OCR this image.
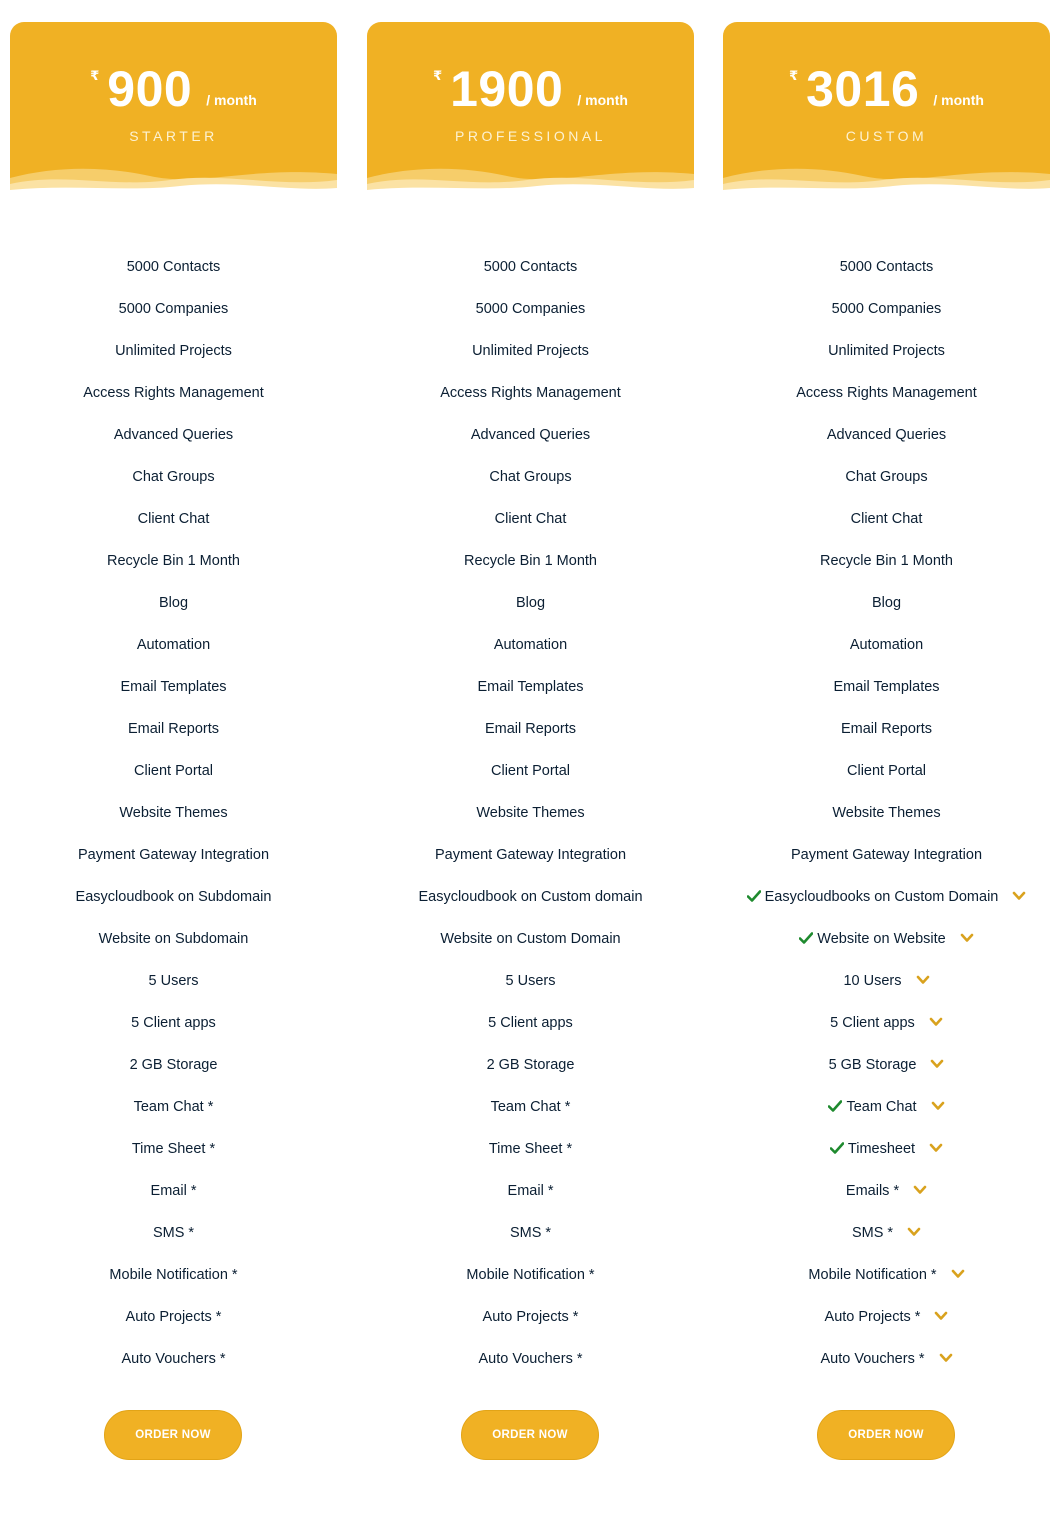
₹ 900 / month
STARTER
5000 Contacts
5000 Companies
Unlimited Projects
Access Rights Management
Advanced Queries
Chat Groups
Client Chat
Recycle Bin 1 Month
Blog
Automation
Email Templates
Email Reports
Client Portal
Website Themes
Payment Gateway Integration
Easycloudbook on Subdomain
Website on Subdomain
5 Users
5 Client apps
2 GB Storage
Team Chat *
Time Sheet *
Email *
SMS *
Mobile Notification *
Auto Projects *
Auto Vouchers *
ORDER NOW
₹ 1900 / month
PROFESSIONAL
5000 Contacts
5000 Companies
Unlimited Projects
Access Rights Management
Advanced Queries
Chat Groups
Client Chat
Recycle Bin 1 Month
Blog
Automation
Email Templates
Email Reports
Client Portal
Website Themes
Payment Gateway Integration
Easycloudbook on Custom domain
Website on Custom Domain
5 Users
5 Client apps
2 GB Storage
Team Chat *
Time Sheet *
Email *
SMS *
Mobile Notification *
Auto Projects *
Auto Vouchers *
ORDER NOW
₹ 3016 / month
CUSTOM
5000 Contacts
5000 Companies
Unlimited Projects
Access Rights Management
Advanced Queries
Chat Groups
Client Chat
Recycle Bin 1 Month
Blog
Automation
Email Templates
Email Reports
Client Portal
Website Themes
Payment Gateway Integration
Easycloudbooks on Custom Domain
Website on Website
10 Users
5 Client apps
5 GB Storage
Team Chat
Timesheet
Emails *
SMS *
Mobile Notification *
Auto Projects *
Auto Vouchers *
ORDER NOW
